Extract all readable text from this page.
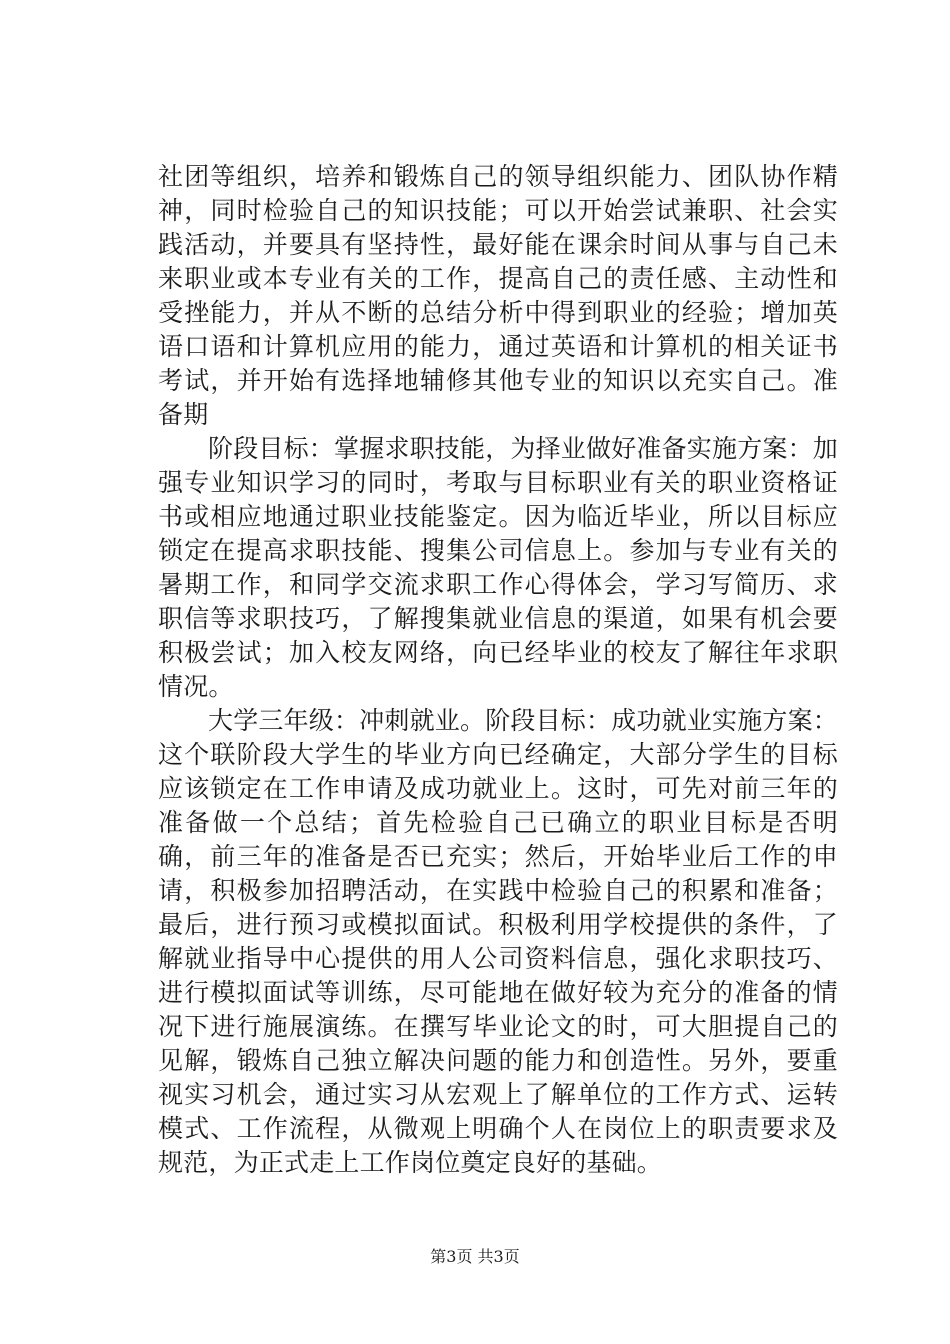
社团等组织，培养和锻炼自己的领导组织能力、团队协作精神，同时检验自己的知识技能；可以开始尝试兼职、社会实践活动，并要具有坚持性，最好能在课余时间从事与自己未来职业或本专业有关的工作，提高自己的责任感、主动性和受挫能力，并从不断的总结分析中得到职业的经验；增加英语口语和计算机应用的能力，通过英语和计算机的相关证书考试，并开始有选择地辅修其他专业的知识以充实自己。准备期

阶段目标：掌握求职技能，为择业做好准备实施方案：加强专业知识学习的同时，考取与目标职业有关的职业资格证书或相应地通过职业技能鉴定。因为临近毕业，所以目标应锁定在提高求职技能、搜集公司信息上。参加与专业有关的暑期工作，和同学交流求职工作心得体会，学习写简历、求职信等求职技巧，了解搜集就业信息的渠道，如果有机会要积极尝试；加入校友网络，向已经毕业的校友了解往年求职情况。

大学三年级：冲刺就业。阶段目标：成功就业实施方案：这个联阶段大学生的毕业方向已经确定，大部分学生的目标应该锁定在工作申请及成功就业上。这时，可先对前三年的准备做一个总结；首先检验自己已确立的职业目标是否明确，前三年的准备是否已充实；然后，开始毕业后工作的申请，积极参加招聘活动，在实践中检验自己的积累和准备；最后，进行预习或模拟面试。积极利用学校提供的条件，了解就业指导中心提供的用人公司资料信息，强化求职技巧、进行模拟面试等训练，尽可能地在做好较为充分的准备的情况下进行施展演练。在撰写毕业论文的时，可大胆提自己的见解，锻炼自己独立解决问题的能力和创造性。另外，要重视实习机会，通过实习从宏观上了解单位的工作方式、运转模式、工作流程，从微观上明确个人在岗位上的职责要求及规范，为正式走上工作岗位奠定良好的基础。

第3页 共3页
